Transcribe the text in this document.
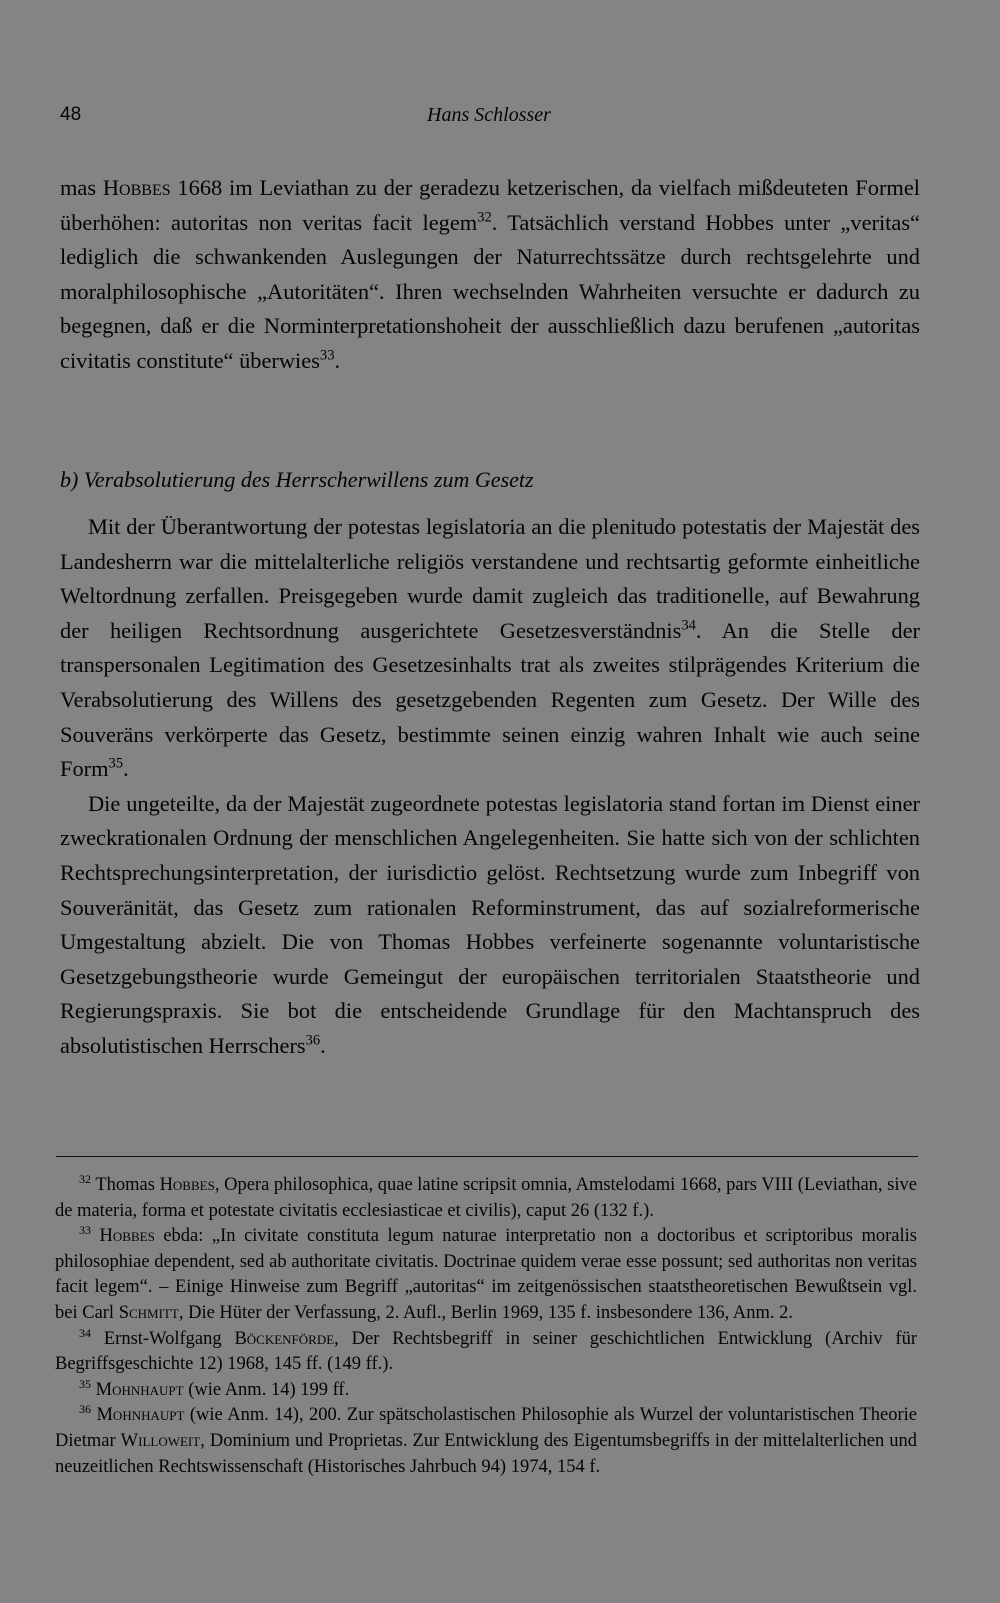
48	Hans Schlosser

mas Hobbes 1668 im Leviathan zu der geradezu ketzerischen, da vielfach mißdeuteten Formel überhöhen: autoritas non veritas facit legem$^{32}$. Tatsächlich verstand Hobbes unter „veritas“ lediglich die schwankenden Auslegungen der Naturrechtssätze durch rechtsgelehrte und moralphilosophische „Autoritäten“. Ihren wechselnden Wahrheiten versuchte er dadurch zu begegnen, daß er die Norminterpretationshoheit der ausschließlich dazu berufenen „autoritas civitatis constitute“ überwies$^{33}$.

b) Verabsolutierung des Herrscherwillens zum Gesetz

Mit der Überantwortung der potestas legislatoria an die plenitudo potestatis der Majestät des Landesherrn war die mittelalterliche religiös verstandene und rechtsartig geformte einheitliche Weltordnung zerfallen. Preisgegeben wurde damit zugleich das traditionelle, auf Bewahrung der heiligen Rechtsordnung ausgerichtete Gesetzesverständnis$^{34}$. An die Stelle der transpersonalen Legitimation des Gesetzesinhalts trat als zweites stilprägendes Kriterium die Verabsolutierung des Willens des gesetzgebenden Regenten zum Gesetz. Der Wille des Souveräns verkörperte das Gesetz, bestimmte seinen einzig wahren Inhalt wie auch seine Form$^{35}$.

Die ungeteilte, da der Majestät zugeordnete potestas legislatoria stand fortan im Dienst einer zweckrationalen Ordnung der menschlichen Angelegenheiten. Sie hatte sich von der schlichten Rechtsprechungsinterpretation, der iurisdictio gelöst. Rechtsetzung wurde zum Inbegriff von Souveränität, das Gesetz zum rationalen Reforminstrument, das auf sozialreformerische Umgestaltung abzielt. Die von Thomas Hobbes verfeinerte sogenannte voluntaristische Gesetzgebungstheorie wurde Gemeingut der europäischen territorialen Staatstheorie und Regierungspraxis. Sie bot die entscheidende Grundlage für den Machtanspruch des absolutistischen Herrschers$^{36}$.

$^{32}$ Thomas Hobbes, Opera philosophica, quae latine scripsit omnia, Amstelodami 1668, pars VIII (Leviathan, sive de materia, forma et potestate civitatis ecclesiasticae et civilis), caput 26 (132 f.).

$^{33}$ Hobbes ebda: „In civitate constituta legum naturae interpretatio non a doctoribus et scriptoribus moralis philosophiae dependent, sed ab authoritate civitatis. Doctrinae quidem verae esse possunt; sed authoritas non veritas facit legem“. – Einige Hinweise zum Begriff „autoritas“ im zeitgenössischen staatstheoretischen Bewußtsein vgl. bei Carl Schmitt, Die Hüter der Verfassung, 2. Aufl., Berlin 1969, 135 f. insbesondere 136, Anm. 2.

$^{34}$ Ernst-Wolfgang Böckenförde, Der Rechtsbegriff in seiner geschichtlichen Entwicklung (Archiv für Begriffsgeschichte 12) 1968, 145 ff. (149 ff.).

$^{35}$ Mohnhaupt (wie Anm. 14) 199 ff.

$^{36}$ Mohnhaupt (wie Anm. 14), 200. Zur spätscholastischen Philosophie als Wurzel der voluntaristischen Theorie Dietmar Willoweit, Dominium und Proprietas. Zur Entwicklung des Eigentumsbegriffs in der mittelalterlichen und neuzeitlichen Rechtswissenschaft (Historisches Jahrbuch 94) 1974, 154 f.
